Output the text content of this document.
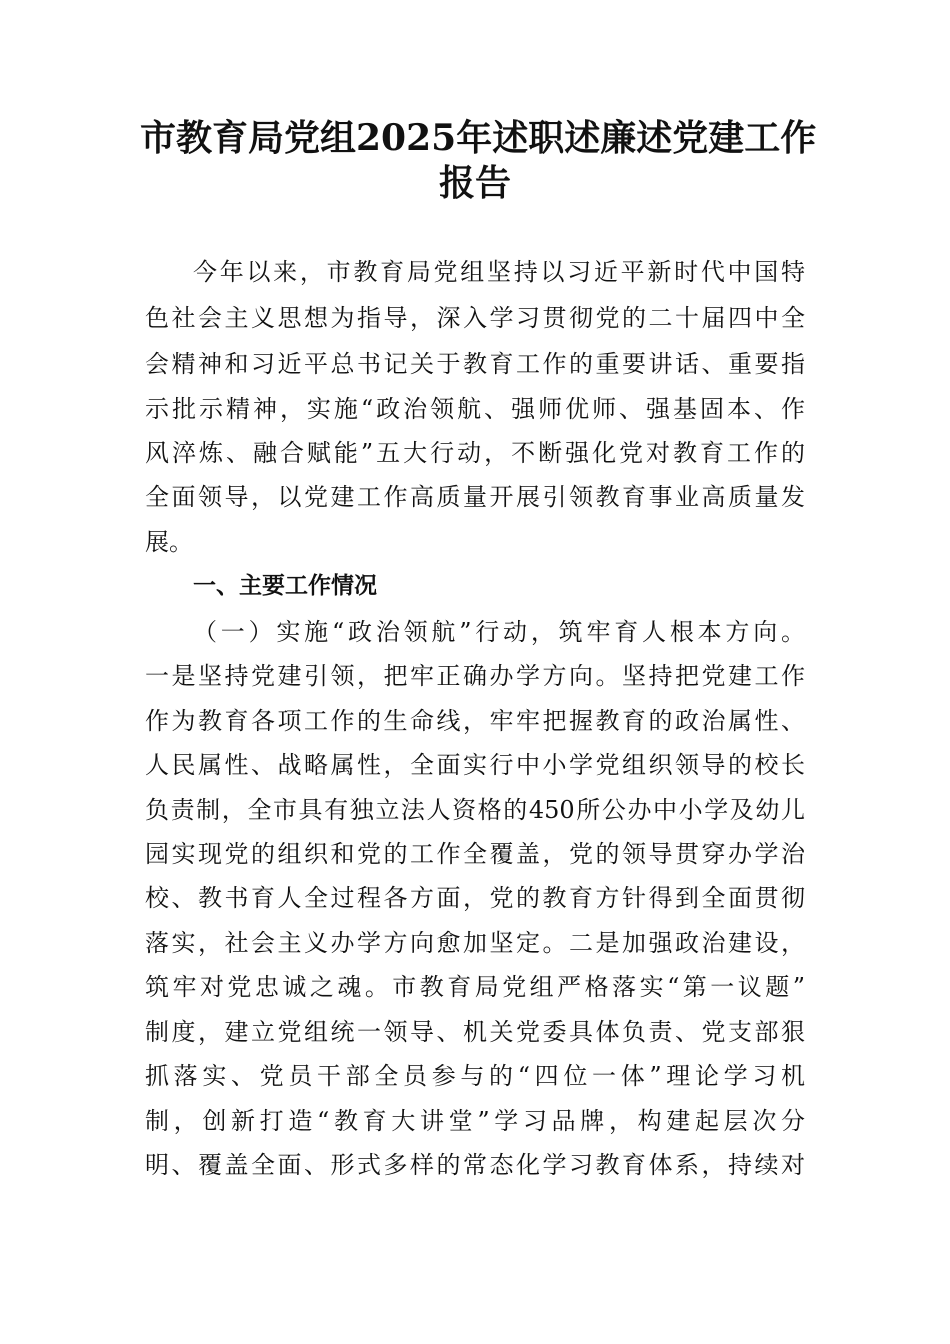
市教育局党组2025年述职述廉述党建工作
报告

今年以来，市教育局党组坚持以习近平新时代中国特

色社会主义思想为指导，深入学习贯彻党的二十届四中全

会精神和习近平总书记关于教育工作的重要讲话、重要指

示批示精神，实施“政治领航、强师优师、强基固本、作

风淬炼、融合赋能”五大行动，不断强化党对教育工作的

全面领导，以党建工作高质量开展引领教育事业高质量发

展。

一、主要工作情况

（一）实施“政治领航”行动，筑牢育人根本方向。

一是坚持党建引领，把牢正确办学方向。坚持把党建工作

作为教育各项工作的生命线，牢牢把握教育的政治属性、

人民属性、战略属性，全面实行中小学党组织领导的校长

负责制，全市具有独立法人资格的450所公办中小学及幼儿

园实现党的组织和党的工作全覆盖，党的领导贯穿办学治

校、教书育人全过程各方面，党的教育方针得到全面贯彻

落实，社会主义办学方向愈加坚定。二是加强政治建设，

筑牢对党忠诚之魂。市教育局党组严格落实“第一议题”

制度，建立党组统一领导、机关党委具体负责、党支部狠

抓落实、党员干部全员参与的“四位一体”理论学习机

制，创新打造“教育大讲堂”学习品牌，构建起层次分

明、覆盖全面、形式多样的常态化学习教育体系，持续对
